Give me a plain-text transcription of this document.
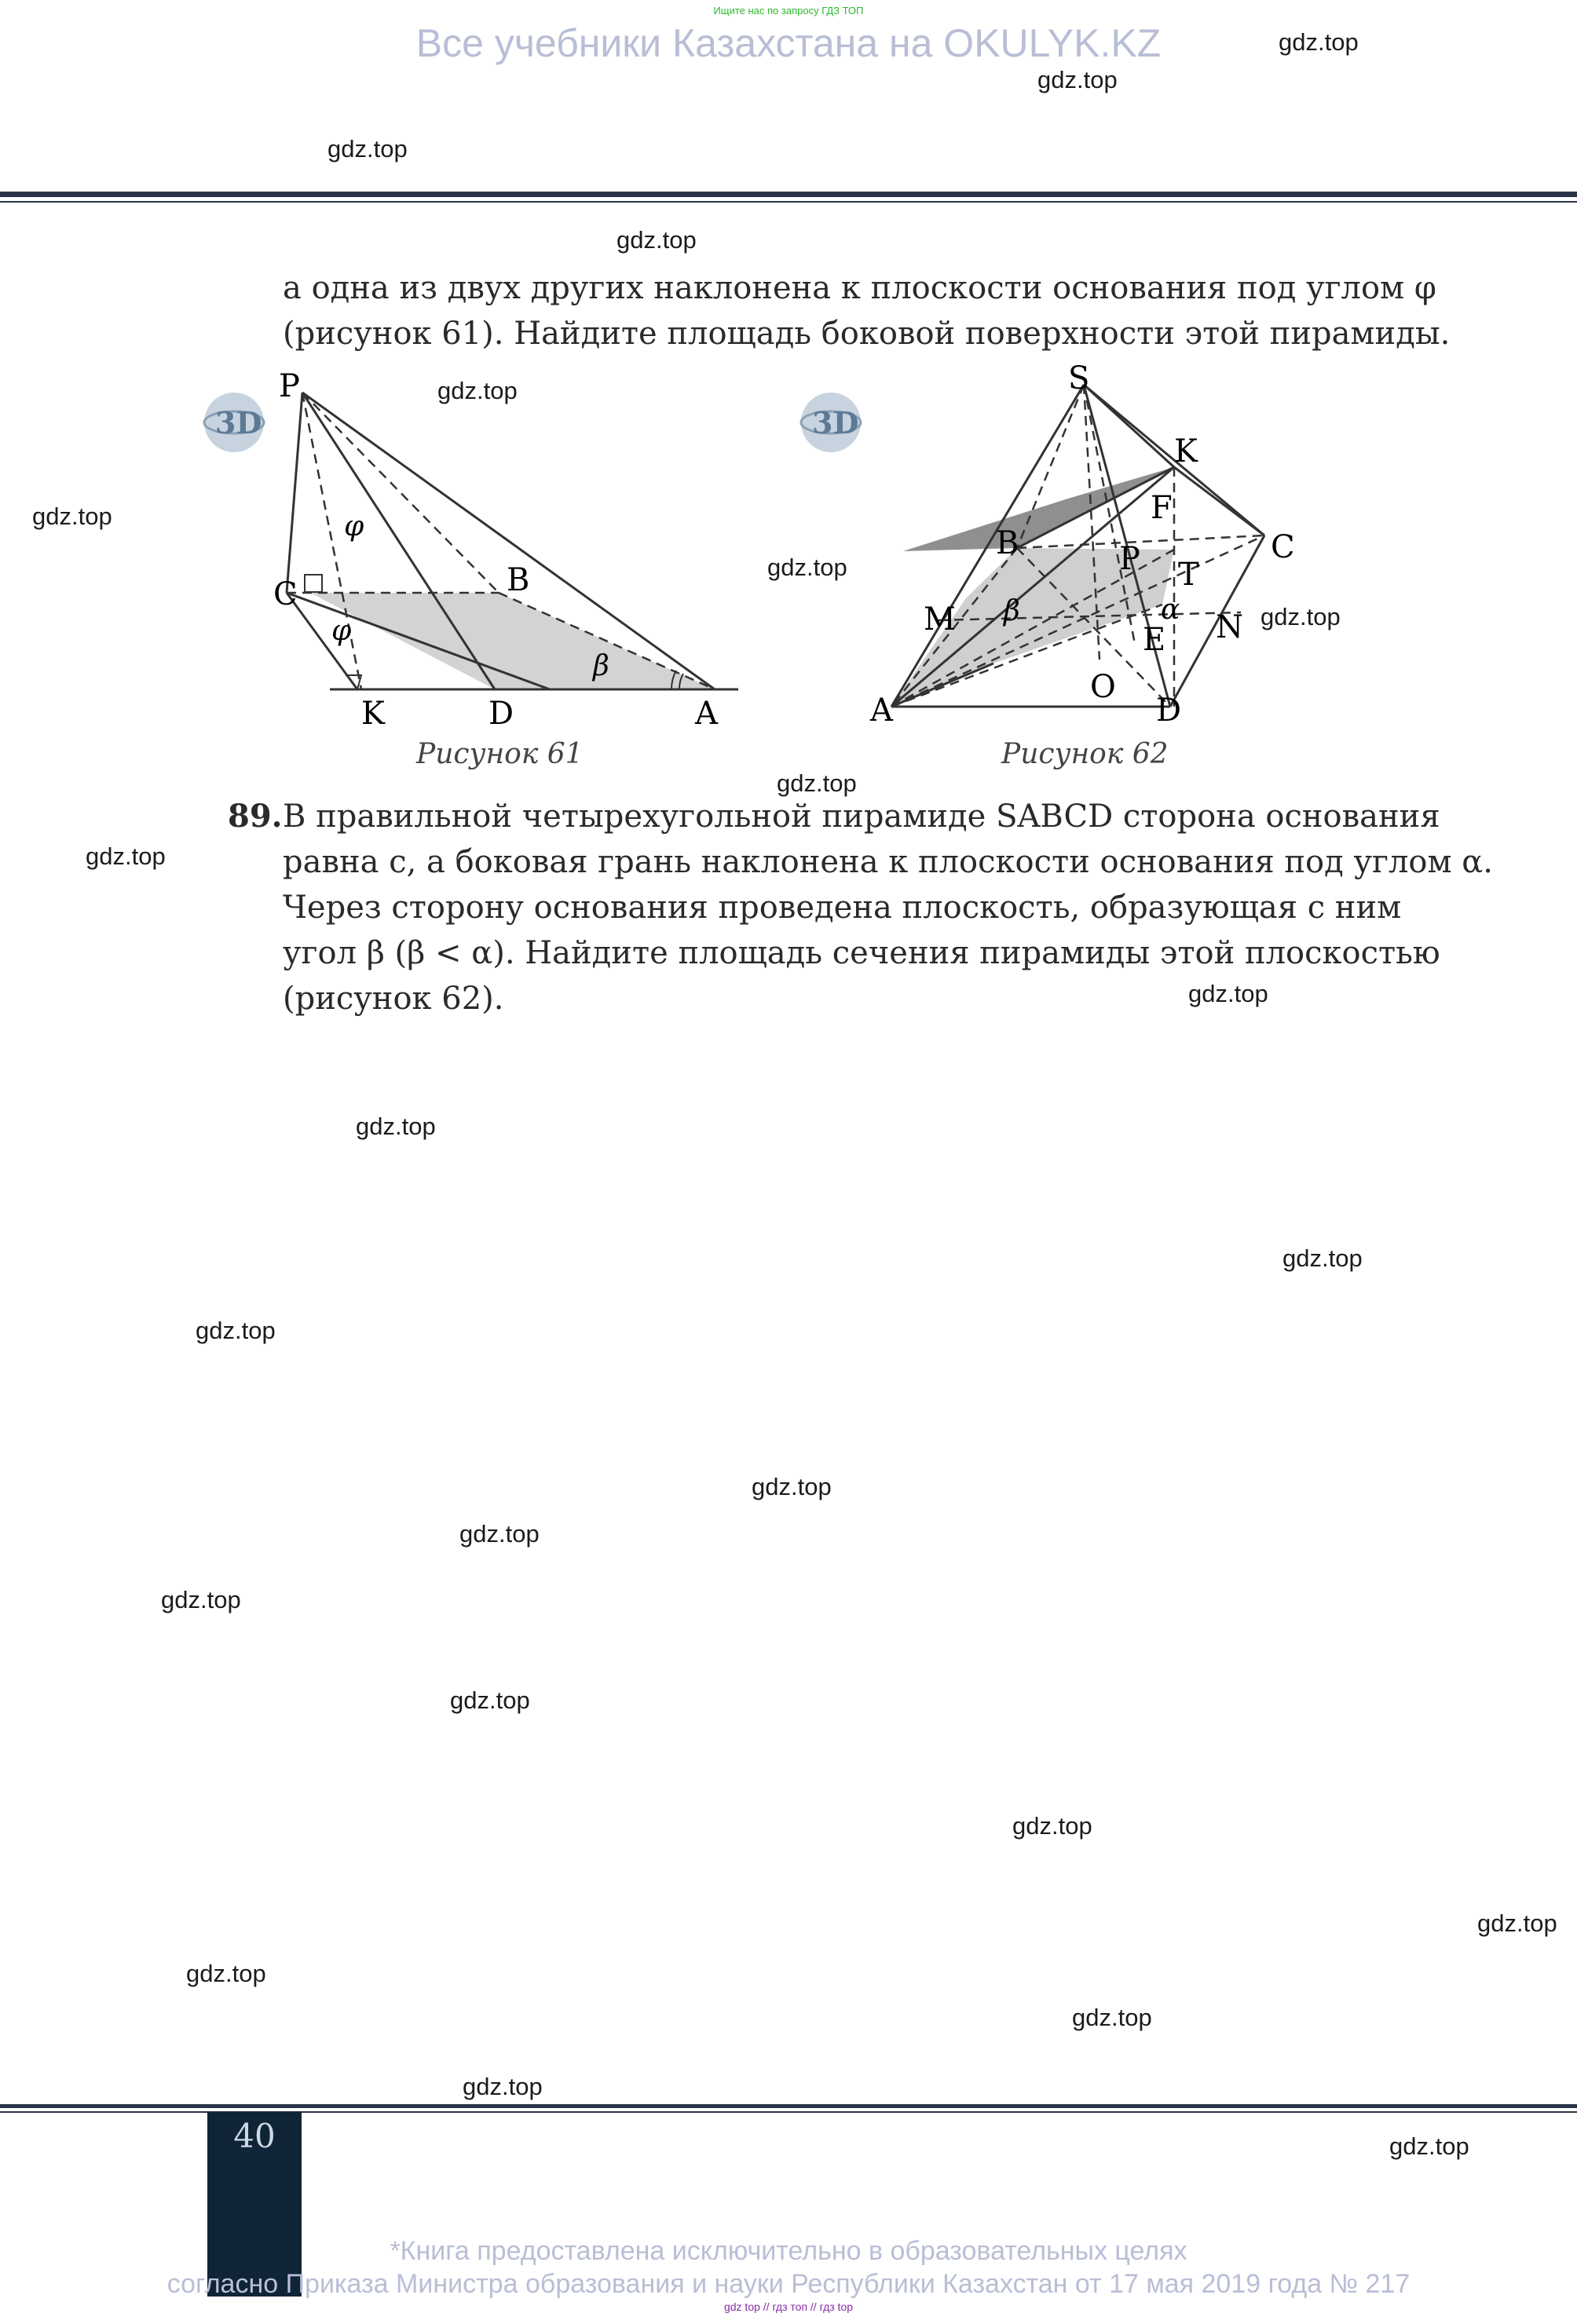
Ищите нас по запросу ГДЗ ТОП
Все учебники Казахстана на OKULYK.KZ	gdz.top
gdz.top
gdz.top
gdz.top
gdz.top
gdz.top
gdz.top
gdz.top
gdz.top
gdz.top
gdz.top
gdz.top
gdz.top
gdz.top
gdz.top
gdz.top
gdz.top
gdz.top
gdz.top
gdz.top
gdz.top
gdz.top
gdz.top
gdz.top
а одна из двух других наклонена к плоскости основания под углом φ
(рисунок 61). Найдите площадь боковой поверхности этой пирамиды.
3D
P
C	B
K	D	A
φ
φ
β
Рисунок 61
3D
S
K
F
B	P	C
T
M β	α N
E
A
O
D
Рисунок 62
89. В правильной четырехугольной пирамиде SABCD сторона основания
равна c, а боковая грань наклонена к плоскости основания под углом α.
Через сторону основания проведена плоскость, образующая с ним
угол β (β < α). Найдите площадь сечения пирамиды этой плоскостью
(рисунок 62).
40
*Книга предоставлена исключительно в образовательных целях
согласно Приказа Министра образования и науки Республики Казахстан от 17 мая 2019 года № 217
gdz top // гдз топ // гдз top
